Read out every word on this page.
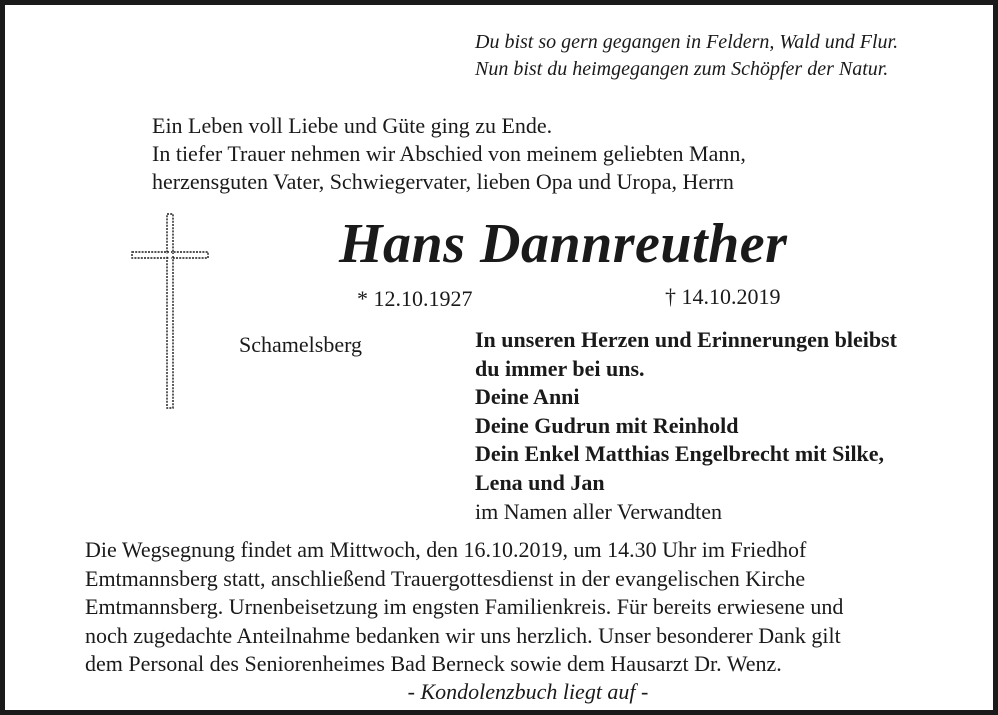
Du bist so gern gegangen in Feldern, Wald und Flur.
Nun bist du heimgegangen zum Schöpfer der Natur.
Ein Leben voll Liebe und Güte ging zu Ende.
In tiefer Trauer nehmen wir Abschied von meinem geliebten Mann,
herzensguten Vater, Schwiegervater, lieben Opa und Uropa, Herrn
Hans Dannreuther
* 12.10.1927	† 14.10.2019
Schamelsberg	In unseren Herzen und Erinnerungen bleibst
du immer bei uns.
Deine Anni
Deine Gudrun mit Reinhold
Dein Enkel Matthias Engelbrecht mit Silke,
Lena und Jan
im Namen aller Verwandten
Die Wegsegnung findet am Mittwoch, den 16.10.2019, um 14.30 Uhr im Friedhof
Emtmannsberg statt, anschließend Trauergottesdienst in der evangelischen Kirche
Emtmannsberg. Urnenbeisetzung im engsten Familienkreis. Für bereits erwiesene und
noch zugedachte Anteilnahme bedanken wir uns herzlich. Unser besonderer Dank gilt
dem Personal des Seniorenheimes Bad Berneck sowie dem Hausarzt Dr. Wenz.
- Kondolenzbuch liegt auf -
